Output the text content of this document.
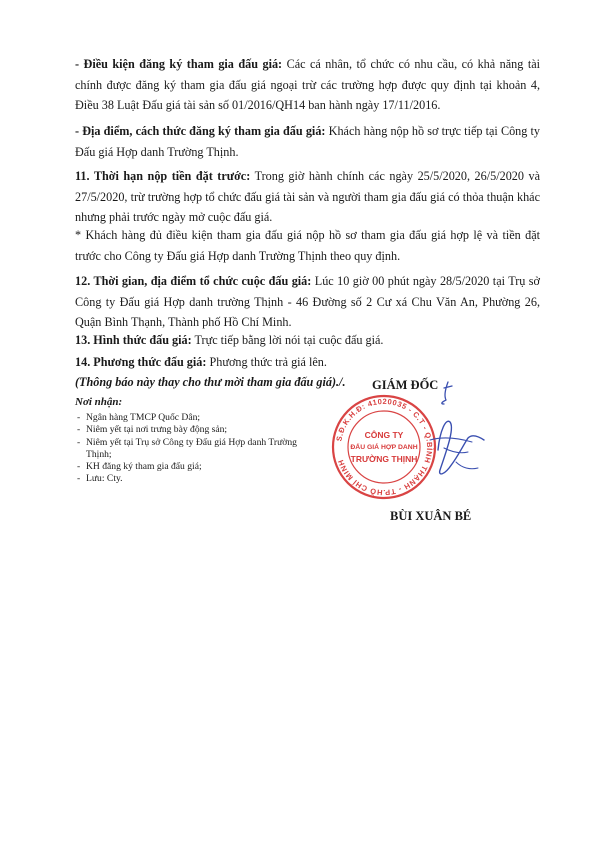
- Điều kiện đăng ký tham gia đấu giá: Các cá nhân, tổ chức có nhu cầu, có khả năng tài chính được đăng ký tham gia đấu giá ngoại trừ các trường hợp được quy định tại khoản 4, Điều 38 Luật Đấu giá tài sản số 01/2016/QH14 ban hành ngày 17/11/2016.
- Địa điểm, cách thức đăng ký tham gia đấu giá: Khách hàng nộp hồ sơ trực tiếp tại Công ty Đấu giá Hợp danh Trường Thịnh.
11. Thời hạn nộp tiền đặt trước: Trong giờ hành chính các ngày 25/5/2020, 26/5/2020 và 27/5/2020, trừ trường hợp tổ chức đấu giá tài sản và người tham gia đấu giá có thỏa thuận khác nhưng phải trước ngày mở cuộc đấu giá.
* Khách hàng đủ điều kiện tham gia đấu giá nộp hồ sơ tham gia đấu giá hợp lệ và tiền đặt trước cho Công ty Đấu giá Hợp danh Trường Thịnh theo quy định.
12. Thời gian, địa điểm tổ chức cuộc đấu giá: Lúc 10 giờ 00 phút ngày 28/5/2020 tại Trụ sở Công ty Đấu giá Hợp danh trường Thịnh - 46 Đường số 2 Cư xá Chu Văn An, Phường 26, Quận Bình Thạnh, Thành phố Hồ Chí Minh.
13. Hình thức đấu giá: Trực tiếp bằng lời nói tại cuộc đấu giá.
14. Phương thức đấu giá: Phương thức trả giá lên.
(Thông báo này thay cho thư mời tham gia đấu giá)./.
Nơi nhận:
- Ngân hàng TMCP Quốc Dân;
- Niêm yết tại nơi trưng bày động sản;
- Niêm yết tại Trụ sở Công ty Đấu giá Hợp danh Trường Thịnh;
- KH đăng ký tham gia đấu giá;
- Lưu: Cty.
GIÁM ĐỐC
S.Đ.K.H.Đ: 41020035 - C.T - Q.BÌNH THẠNH - TP.HỒ CHÍ MINH
CÔNG TY
ĐẤU GIÁ HỢP DANH
TRƯỜNG THỊNH
BÙI XUÂN BÉ
